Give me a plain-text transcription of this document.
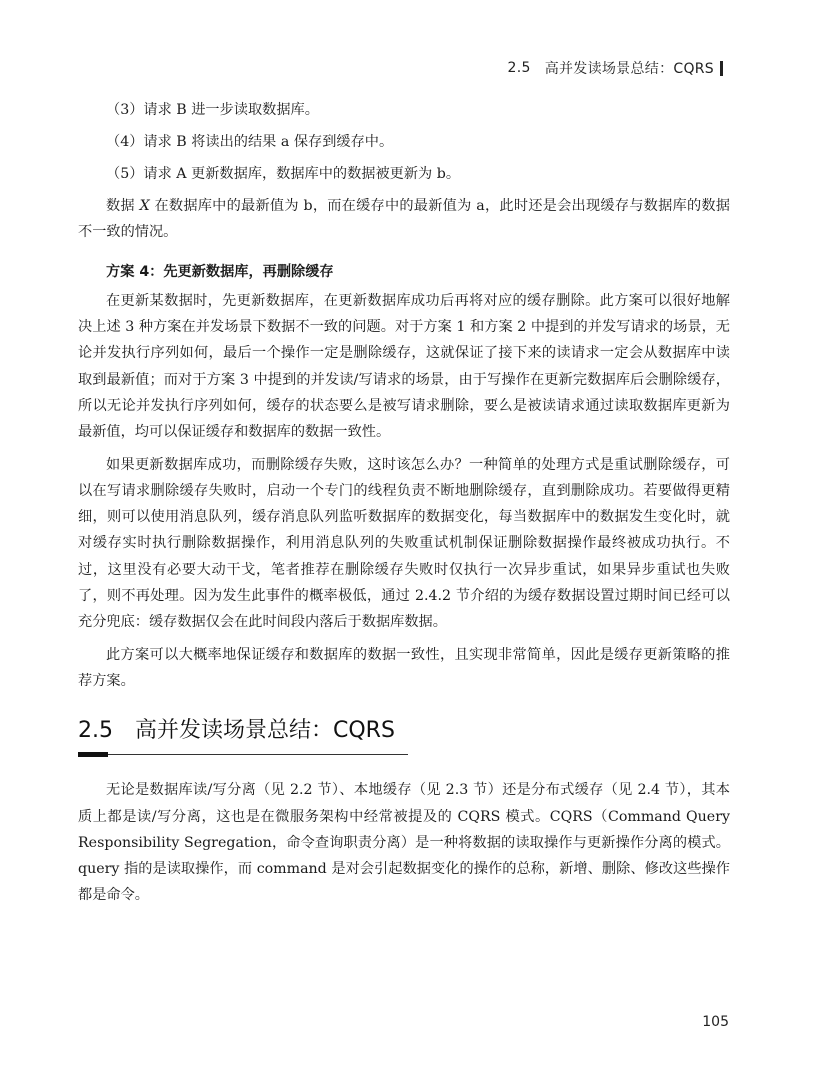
2.5 高并发读场景总结：CQRS

（3）请求 B 进一步读取数据库。

（4）请求 B 将读出的结果 a 保存到缓存中。

（5）请求 A 更新数据库，数据库中的数据被更新为 b。

数据 X 在数据库中的最新值为 b，而在缓存中的最新值为 a，此时还是会出现缓存与数据库的数据不一致的情况。

方案 4：先更新数据库，再删除缓存

在更新某数据时，先更新数据库，在更新数据库成功后再将对应的缓存删除。此方案可以很好地解决上述 3 种方案在并发场景下数据不一致的问题。对于方案 1 和方案 2 中提到的并发写请求的场景，无论并发执行序列如何，最后一个操作一定是删除缓存，这就保证了接下来的读请求一定会从数据库中读取到最新值；而对于方案 3 中提到的并发读/写请求的场景，由于写操作在更新完数据库后会删除缓存，所以无论并发执行序列如何，缓存的状态要么是被写请求删除，要么是被读请求通过读取数据库更新为最新值，均可以保证缓存和数据库的数据一致性。

如果更新数据库成功，而删除缓存失败，这时该怎么办？一种简单的处理方式是重试删除缓存，可以在写请求删除缓存失败时，启动一个专门的线程负责不断地删除缓存，直到删除成功。若要做得更精细，则可以使用消息队列，缓存消息队列监听数据库的数据变化，每当数据库中的数据发生变化时，就对缓存实时执行删除数据操作，利用消息队列的失败重试机制保证删除数据操作最终被成功执行。不过，这里没有必要大动干戈，笔者推荐在删除缓存失败时仅执行一次异步重试，如果异步重试也失败了，则不再处理。因为发生此事件的概率极低，通过 2.4.2 节介绍的为缓存数据设置过期时间已经可以充分兜底：缓存数据仅会在此时间段内落后于数据库数据。

此方案可以大概率地保证缓存和数据库的数据一致性，且实现非常简单，因此是缓存更新策略的推荐方案。

2.5 高并发读场景总结：CQRS

无论是数据库读/写分离（见 2.2 节）、本地缓存（见 2.3 节）还是分布式缓存（见 2.4 节），其本质上都是读/写分离，这也是在微服务架构中经常被提及的 CQRS 模式。CQRS（Command Query Responsibility Segregation，命令查询职责分离）是一种将数据的读取操作与更新操作分离的模式。query 指的是读取操作，而 command 是对会引起数据变化的操作的总称，新增、删除、修改这些操作都是命令。

105
